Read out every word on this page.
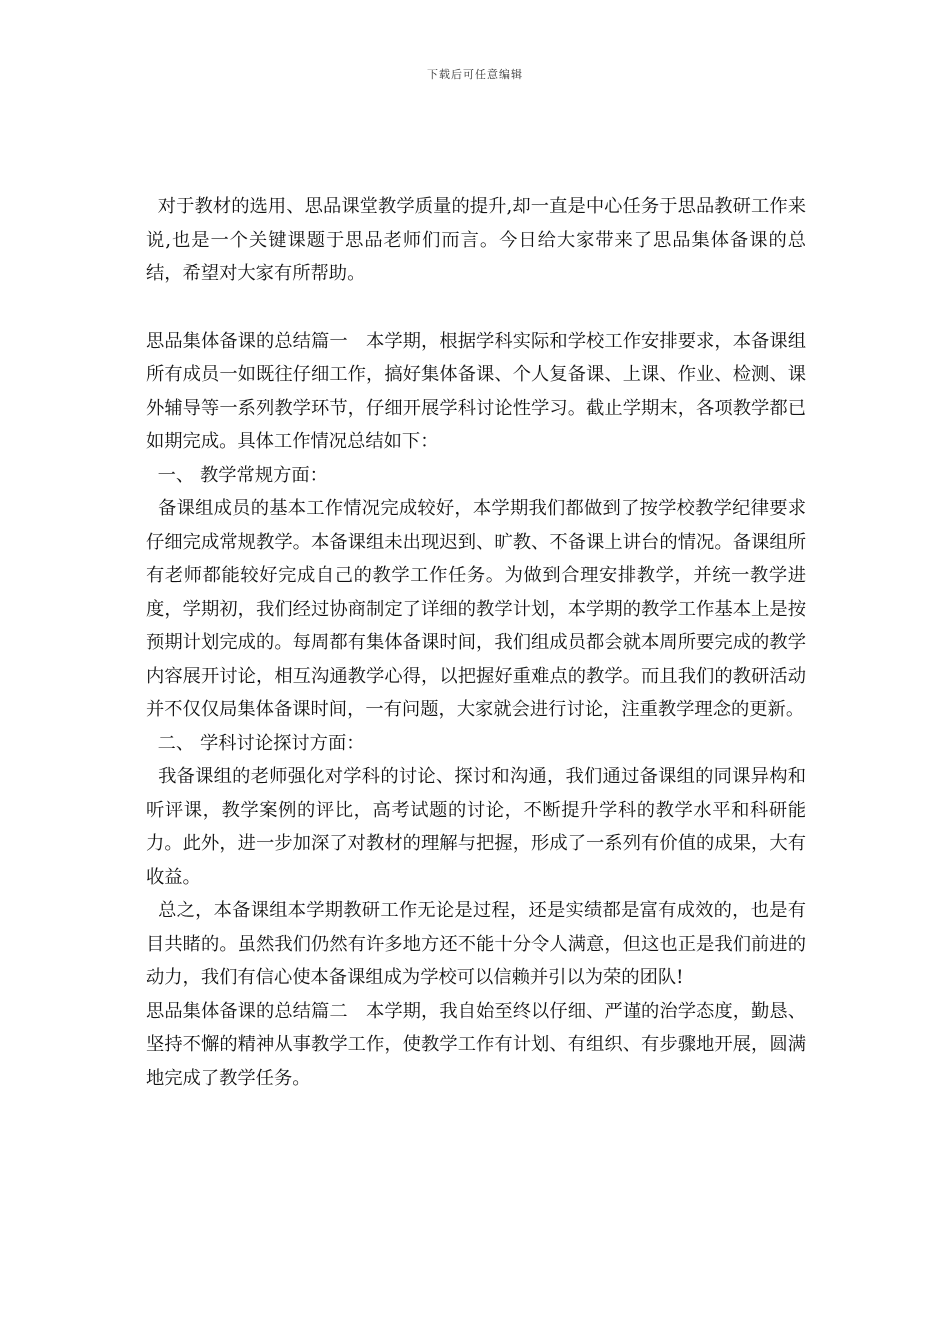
下载后可任意编辑

对于教材的选用、思品课堂教学质量的提升,却一直是中心任务于思品教研工作来说,也是一个关键课题于思品老师们而言。今日给大家带来了思品集体备课的总结，希望对大家有所帮助。

思品集体备课的总结篇一　本学期，根据学科实际和学校工作安排要求，本备课组所有成员一如既往仔细工作，搞好集体备课、个人复备课、上课、作业、检测、课外辅导等一系列教学环节，仔细开展学科讨论性学习。截止学期末，各项教学都已如期完成。具体工作情况总结如下：

一、 教学常规方面：

备课组成员的基本工作情况完成较好，本学期我们都做到了按学校教学纪律要求仔细完成常规教学。本备课组未出现迟到、旷教、不备课上讲台的情况。备课组所有老师都能较好完成自己的教学工作任务。为做到合理安排教学，并统一教学进度，学期初，我们经过协商制定了详细的教学计划，本学期的教学工作基本上是按预期计划完成的。每周都有集体备课时间，我们组成员都会就本周所要完成的教学内容展开讨论，相互沟通教学心得，以把握好重难点的教学。而且我们的教研活动并不仅仅局集体备课时间，一有问题，大家就会进行讨论，注重教学理念的更新。

二、 学科讨论探讨方面：

我备课组的老师强化对学科的讨论、探讨和沟通，我们通过备课组的同课异构和听评课，教学案例的评比，高考试题的讨论，不断提升学科的教学水平和科研能力。此外，进一步加深了对教材的理解与把握，形成了一系列有价值的成果，大有收益。

总之，本备课组本学期教研工作无论是过程，还是实绩都是富有成效的，也是有目共睹的。虽然我们仍然有许多地方还不能十分令人满意，但这也正是我们前进的动力，我们有信心使本备课组成为学校可以信赖并引以为荣的团队!

思品集体备课的总结篇二　本学期，我自始至终以仔细、严谨的治学态度，勤恳、坚持不懈的精神从事教学工作，使教学工作有计划、有组织、有步骤地开展，圆满地完成了教学任务。
